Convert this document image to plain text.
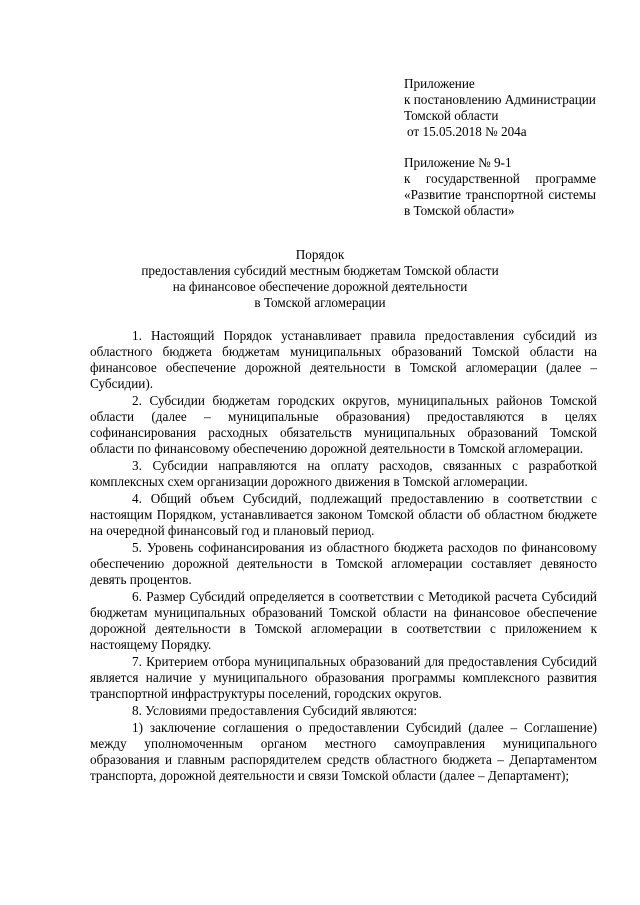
Приложение
к постановлению Администрации
Томской области
от 15.05.2018 № 204а
Приложение № 9-1
к государственной программе
«Развитие транспортной системы
в Томской области»
Порядок
предоставления субсидий местным бюджетам Томской области
на финансовое обеспечение дорожной деятельности
в Томской агломерации

1. Настоящий Порядок устанавливает правила предоставления субсидий из областного бюджета бюджетам муниципальных образований Томской области на финансовое обеспечение дорожной деятельности в Томской агломерации (далее – Субсидии).

2. Субсидии бюджетам городских округов, муниципальных районов Томской области (далее – муниципальные образования) предоставляются в целях софинансирования расходных обязательств муниципальных образований Томской области по финансовому обеспечению дорожной деятельности в Томской агломерации.

3. Субсидии направляются на оплату расходов, связанных с разработкой комплексных схем организации дорожного движения в Томской агломерации.

4. Общий объем Субсидий, подлежащий предоставлению в соответствии с настоящим Порядком, устанавливается законом Томской области об областном бюджете на очередной финансовый год и плановый период.

5. Уровень софинансирования из областного бюджета расходов по финансовому обеспечению дорожной деятельности в Томской агломерации составляет девяносто девять процентов.

6. Размер Субсидий определяется в соответствии с Методикой расчета Субсидий бюджетам муниципальных образований Томской области на финансовое обеспечение дорожной деятельности в Томской агломерации в соответствии с приложением к настоящему Порядку.

7. Критерием отбора муниципальных образований для предоставления Субсидий является наличие у муниципального образования программы комплексного развития транспортной инфраструктуры поселений, городских округов.

8. Условиями предоставления Субсидий являются:

1) заключение соглашения о предоставлении Субсидий (далее – Соглашение) между уполномоченным органом местного самоуправления муниципального образования и главным распорядителем средств областного бюджета – Департаментом транспорта, дорожной деятельности и связи Томской области (далее – Департамент);
